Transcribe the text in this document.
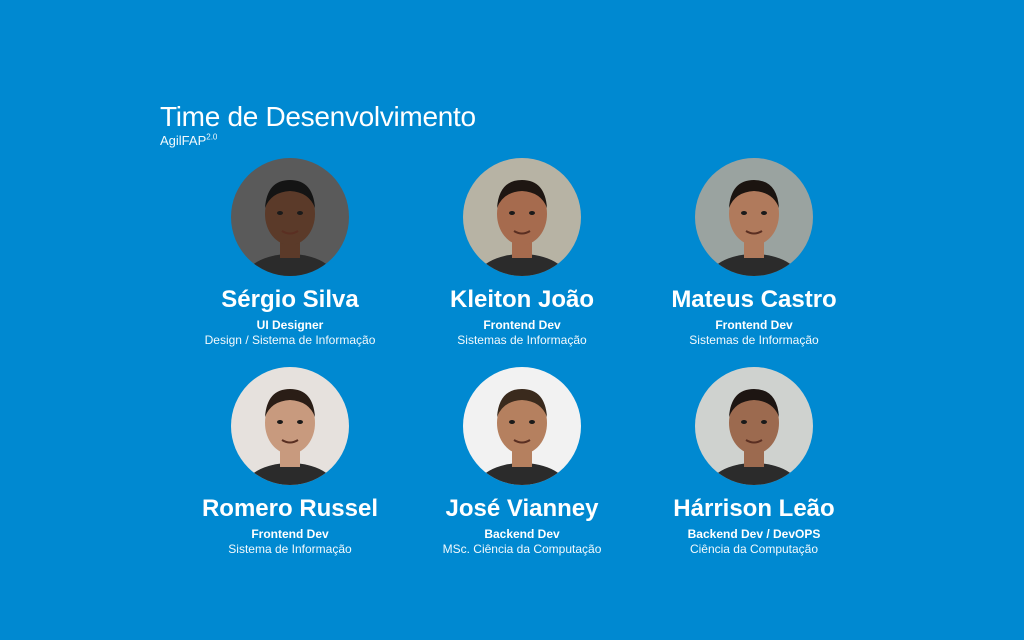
Time de Desenvolvimento
AgilFAP$^{2.0}$
Sérgio Silva
UI Designer
Design / Sistema de Informação
Kleiton João
Frontend Dev
Sistemas de Informação
Mateus Castro
Frontend Dev
Sistemas de Informação
Romero Russel
Frontend Dev
Sistema de Informação
José Vianney
Backend Dev
MSc. Ciência da Computação
Hárrison Leão
Backend Dev / DevOPS
Ciência da Computação
